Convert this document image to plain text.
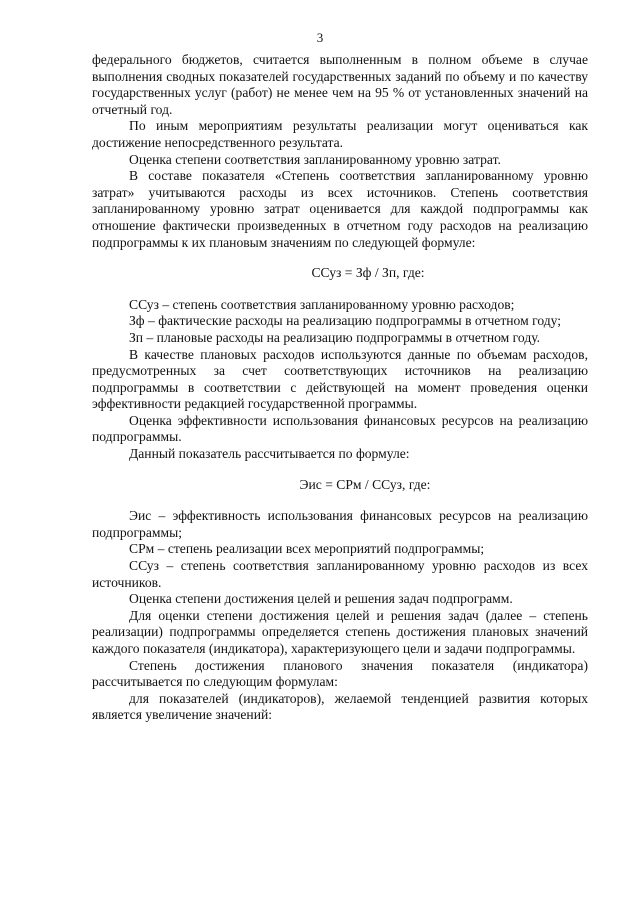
3

федерального бюджетов, считается выполненным в полном объеме в случае выполнения сводных показателей государственных заданий по объему и по качеству государственных услуг (работ) не менее чем на 95 % от установленных значений на отчетный год.

По иным мероприятиям результаты реализации могут оцениваться как достижение непосредственного результата.

Оценка степени соответствия запланированному уровню затрат.

В составе показателя «Степень соответствия запланированному уровню затрат» учитываются расходы из всех источников. Степень соответствия запланированному уровню затрат оценивается для каждой подпрограммы как отношение фактически произведенных в отчетном году расходов на реализацию подпрограммы к их плановым значениям по следующей формуле:

ССуз = Зф / Зп, где:

ССуз – степень соответствия запланированному уровню расходов;

Зф – фактические расходы на реализацию подпрограммы в отчетном году;

Зп – плановые расходы на реализацию подпрограммы в отчетном году.

В качестве плановых расходов используются данные по объемам расходов, предусмотренных за счет соответствующих источников на реализацию подпрограммы в соответствии с действующей на момент проведения оценки эффективности редакцией государственной программы.

Оценка эффективности использования финансовых ресурсов на реализацию подпрограммы.

Данный показатель рассчитывается по формуле:

Эис = СРм / ССуз, где:

Эис – эффективность использования финансовых ресурсов на реализацию подпрограммы;

СРм – степень реализации всех мероприятий подпрограммы;

ССуз – степень соответствия запланированному уровню расходов из всех источников.

Оценка степени достижения целей и решения задач подпрограмм.

Для оценки степени достижения целей и решения задач (далее – степень реализации) подпрограммы определяется степень достижения плановых значений каждого показателя (индикатора), характеризующего цели и задачи подпрограммы.

Степень достижения планового значения показателя (индикатора) рассчитывается по следующим формулам:

для показателей (индикаторов), желаемой тенденцией развития которых является увеличение значений:
